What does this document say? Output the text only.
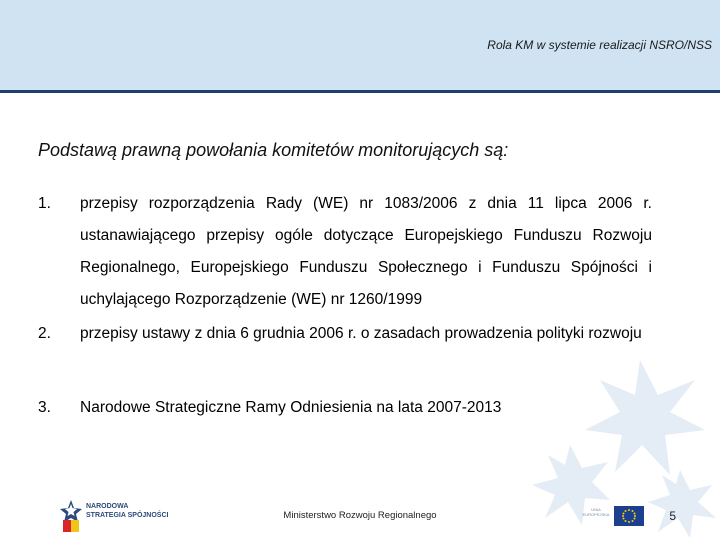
Rola KM w systemie realizacji NSRO/NSS
Podstawą prawną powołania komitetów monitorujących są:
1.	przepisy rozporządzenia Rady (WE) nr 1083/2006 z dnia 11 lipca 2006 r. ustanawiającego przepisy ogóle dotyczące Europejskiego Funduszu Rozwoju Regionalnego, Europejskiego Funduszu Społecznego i Funduszu Spójności i uchylającego Rozporządzenie (WE) nr 1260/1999
2.	przepisy ustawy z dnia 6 grudnia 2006 r. o zasadach prowadzenia polityki rozwoju
3.	Narodowe Strategiczne Ramy Odniesienia na lata 2007-2013
NARODOWA
STRATEGIA SPÓJNOŚCI	Ministerstwo Rozwoju Regionalnego
UNIA
EUROPEJSKA	5
